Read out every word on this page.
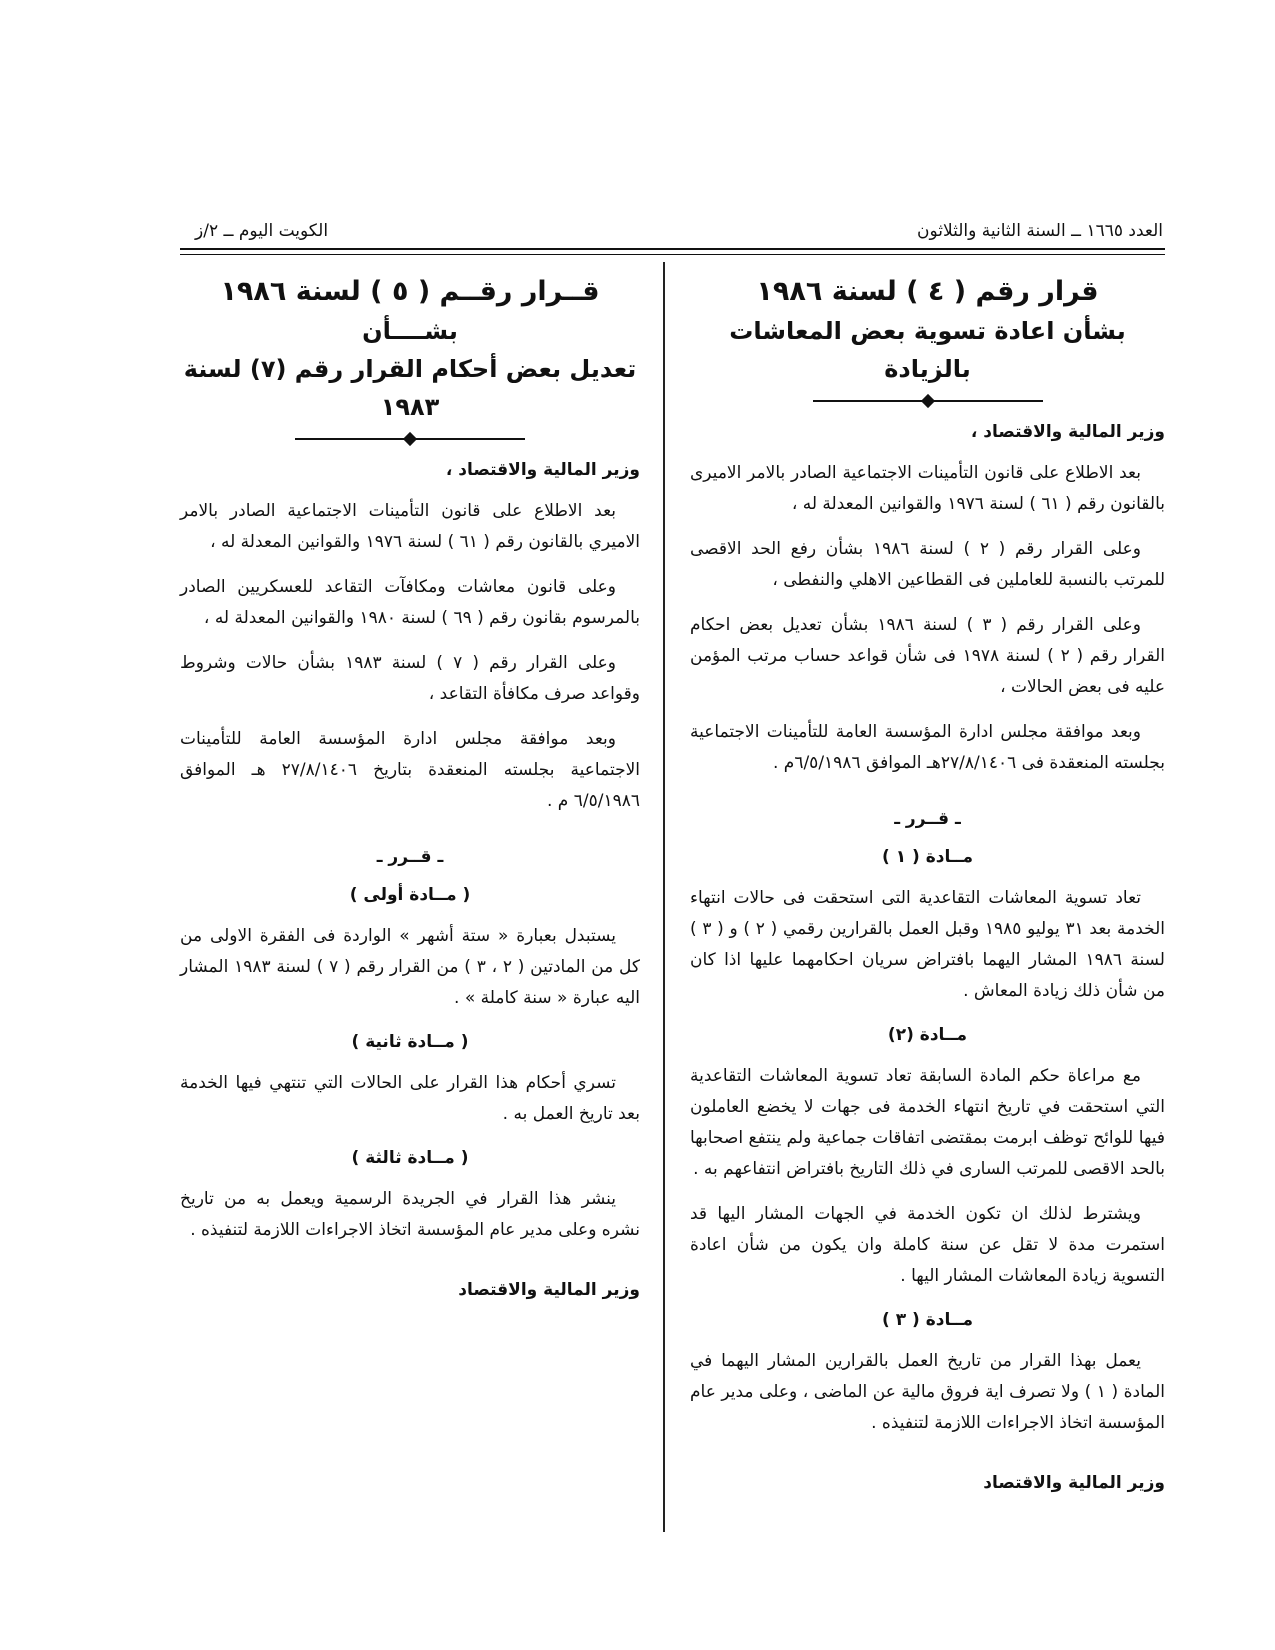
العدد ١٦٦٥ ــ السنة الثانية والثلاثون
الكويت اليوم ــ ٢/ز

قرار رقم ( ٤ ) لسنة ١٩٨٦

بشأن اعادة تسوية بعض المعاشات بالزيادة

وزير المالية والاقتصاد ،

بعد الاطلاع على قانون التأمينات الاجتماعية الصادر بالامر الاميرى بالقانون رقم ( ٦١ ) لسنة ١٩٧٦ والقوانين المعدلة له ،

وعلى القرار رقم ( ٢ ) لسنة ١٩٨٦ بشأن رفع الحد الاقصى للمرتب بالنسبة للعاملين فى القطاعين الاهلي والنفطى ،

وعلى القرار رقم ( ٣ ) لسنة ١٩٨٦ بشأن تعديل بعض احكام القرار رقم ( ٢ ) لسنة ١٩٧٨ فى شأن قواعد حساب مرتب المؤمن عليه فى بعض الحالات ،

وبعد موافقة مجلس ادارة المؤسسة العامة للتأمينات الاجتماعية بجلسته المنعقدة فى ٢٧/٨/١٤٠٦هـ الموافق ٦/٥/١٩٨٦م .

ـ قــرر ـ
مــادة ( ١ )

تعاد تسوية المعاشات التقاعدية التى استحقت فى حالات انتهاء الخدمة بعد ٣١ يوليو ١٩٨٥ وقبل العمل بالقرارين رقمي ( ٢ ) و ( ٣ ) لسنة ١٩٨٦ المشار اليهما بافتراض سريان احكامهما عليها اذا كان من شأن ذلك زيادة المعاش .

مــادة (٢)

مع مراعاة حكم المادة السابقة تعاد تسوية المعاشات التقاعدية التي استحقت في تاريخ انتهاء الخدمة فى جهات لا يخضع العاملون فيها للوائح توظف ابرمت بمقتضى اتفاقات جماعية ولم ينتفع اصحابها بالحد الاقصى للمرتب السارى في ذلك التاريخ بافتراض انتفاعهم به .

ويشترط لذلك ان تكون الخدمة في الجهات المشار اليها قد استمرت مدة لا تقل عن سنة كاملة وان يكون من شأن اعادة التسوية زيادة المعاشات المشار اليها .

مــادة ( ٣ )

يعمل بهذا القرار من تاريخ العمل بالقرارين المشار اليهما في المادة ( ١ ) ولا تصرف اية فروق مالية عن الماضى ، وعلى مدير عام المؤسسة اتخاذ الاجراءات اللازمة لتنفيذه .

وزير المالية والاقتصاد

قــرار رقــم ( ٥ ) لسنة ١٩٨٦

بشــــأن

تعديل بعض أحكام القرار رقم (٧) لسنة ١٩٨٣

وزير المالية والاقتصاد ،

بعد الاطلاع على قانون التأمينات الاجتماعية الصادر بالامر الاميري بالقانون رقم ( ٦١ ) لسنة ١٩٧٦ والقوانين المعدلة له ،

وعلى قانون معاشات ومكافآت التقاعد للعسكريين الصادر بالمرسوم بقانون رقم ( ٦٩ ) لسنة ١٩٨٠ والقوانين المعدلة له ،

وعلى القرار رقم ( ٧ ) لسنة ١٩٨٣ بشأن حالات وشروط وقواعد صرف مكافأة التقاعد ،

وبعد موافقة مجلس ادارة المؤسسة العامة للتأمينات الاجتماعية بجلسته المنعقدة بتاريخ ٢٧/٨/١٤٠٦ هـ الموافق ٦/٥/١٩٨٦ م .

ـ قــرر ـ
( مــادة أولى )

يستبدل بعبارة « ستة أشهر » الواردة فى الفقرة الاولى من كل من المادتين ( ٢ ، ٣ ) من القرار رقم ( ٧ ) لسنة ١٩٨٣ المشار اليه عبارة « سنة كاملة » .

( مــادة ثانية )

تسري أحكام هذا القرار على الحالات التي تنتهي فيها الخدمة بعد تاريخ العمل به .

( مــادة ثالثة )

ينشر هذا القرار في الجريدة الرسمية ويعمل به من تاريخ نشره وعلى مدير عام المؤسسة اتخاذ الاجراءات اللازمة لتنفيذه .

وزير المالية والاقتصاد
